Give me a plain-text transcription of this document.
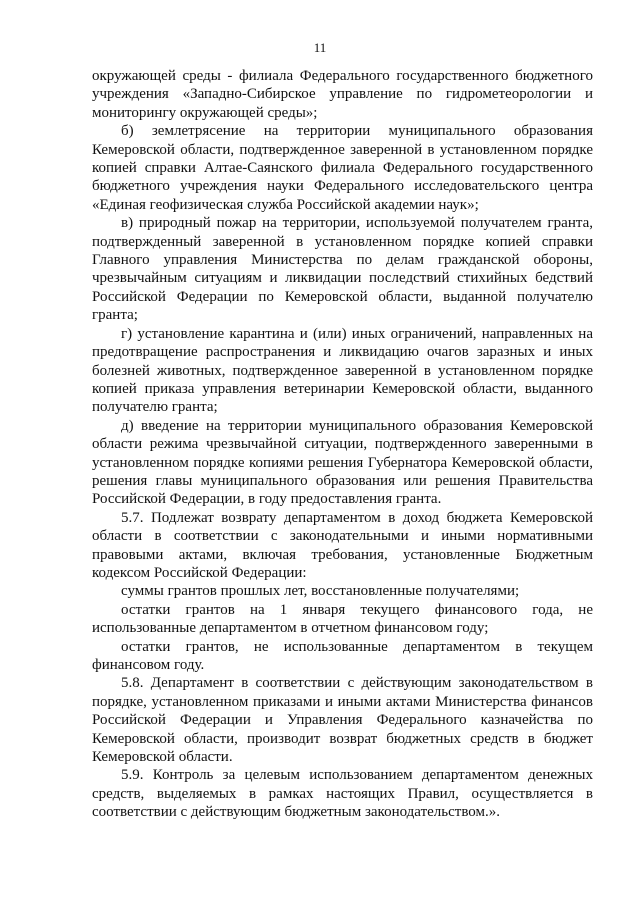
11

окружающей среды - филиала Федерального государственного бюджетного учреждения «Западно-Сибирское управление по гидрометеорологии и мониторингу окружающей среды»;

б) землетрясение на территории муниципального образования Кемеровской области, подтвержденное заверенной в установленном порядке копией справки Алтае-Саянского филиала Федерального государственного бюджетного учреждения науки Федерального исследовательского центра «Единая геофизическая служба Российской академии наук»;

в) природный пожар на территории, используемой получателем гранта, подтвержденный заверенной в установленном порядке копией справки Главного управления Министерства по делам гражданской обороны, чрезвычайным ситуациям и ликвидации последствий стихийных бедствий Российской Федерации по Кемеровской области, выданной получателю гранта;

г) установление карантина и (или) иных ограничений, направленных на предотвращение распространения и ликвидацию очагов заразных и иных болезней животных, подтвержденное заверенной в установленном порядке копией приказа управления ветеринарии Кемеровской области, выданного получателю гранта;

д) введение на территории муниципального образования Кемеровской области режима чрезвычайной ситуации, подтвержденного заверенными в установленном порядке копиями решения Губернатора Кемеровской области, решения главы муниципального образования или решения Правительства Российской Федерации, в году предоставления гранта.

5.7. Подлежат возврату департаментом в доход бюджета Кемеровской области в соответствии с законодательными и иными нормативными правовыми актами, включая требования, установленные Бюджетным кодексом Российской Федерации:

суммы грантов прошлых лет, восстановленные получателями;

остатки грантов на 1 января текущего финансового года, не использованные департаментом в отчетном финансовом году;

остатки грантов, не использованные департаментом в текущем финансовом году.

5.8. Департамент в соответствии с действующим законодательством в порядке, установленном приказами и иными актами Министерства финансов Российской Федерации и Управления Федерального казначейства по Кемеровской области, производит возврат бюджетных средств в бюджет Кемеровской области.

5.9. Контроль за целевым использованием департаментом денежных средств, выделяемых в рамках настоящих Правил, осуществляется в соответствии с действующим бюджетным законодательством.».
